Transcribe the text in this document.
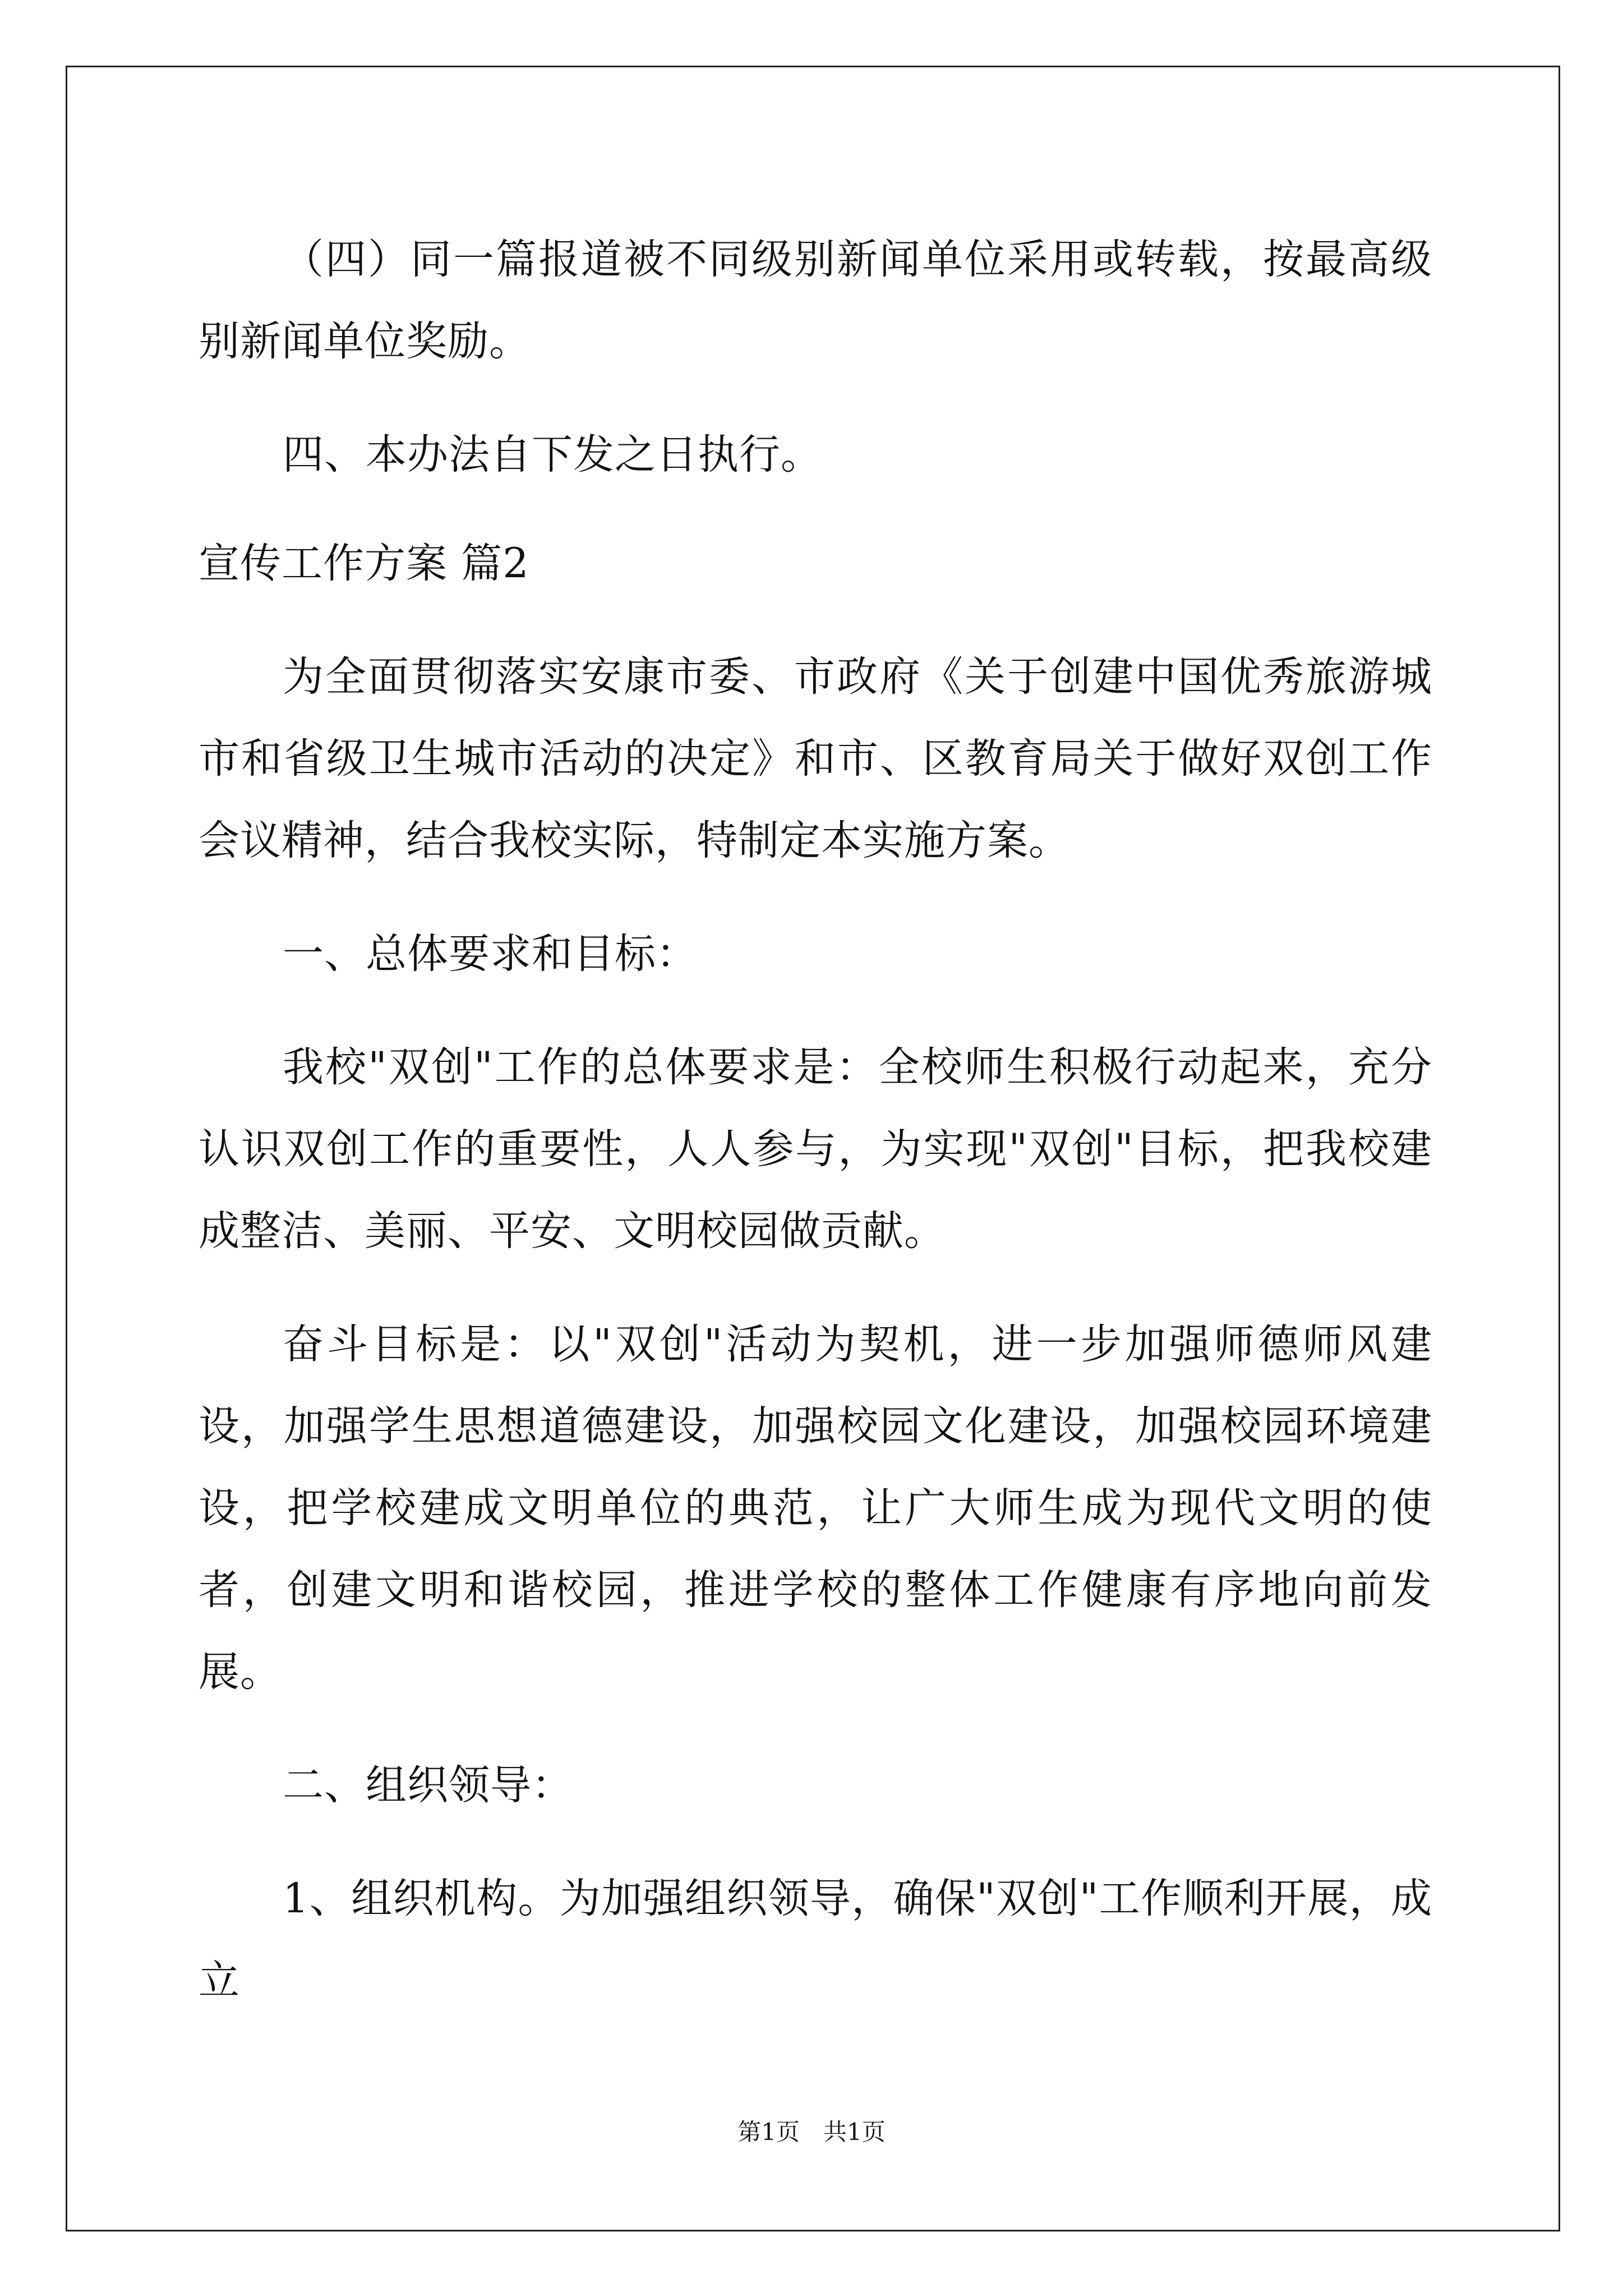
（四）同一篇报道被不同级别新闻单位采用或转载，按最高级别新闻单位奖励。

四、本办法自下发之日执行。

宣传工作方案 篇2

为全面贯彻落实安康市委、市政府《关于创建中国优秀旅游城市和省级卫生城市活动的决定》和市、区教育局关于做好双创工作会议精神，结合我校实际，特制定本实施方案。

一、总体要求和目标：

我校"双创"工作的总体要求是：全校师生积极行动起来，充分认识双创工作的重要性，人人参与，为实现"双创"目标，把我校建成整洁、美丽、平安、文明校园做贡献。

奋斗目标是：以"双创"活动为契机，进一步加强师德师风建设，加强学生思想道德建设，加强校园文化建设，加强校园环境建设，把学校建成文明单位的典范，让广大师生成为现代文明的使者，创建文明和谐校园，推进学校的整体工作健康有序地向前发展。

二、组织领导：

1、组织机构。为加强组织领导，确保"双创"工作顺利开展，成立

第1页　共1页
